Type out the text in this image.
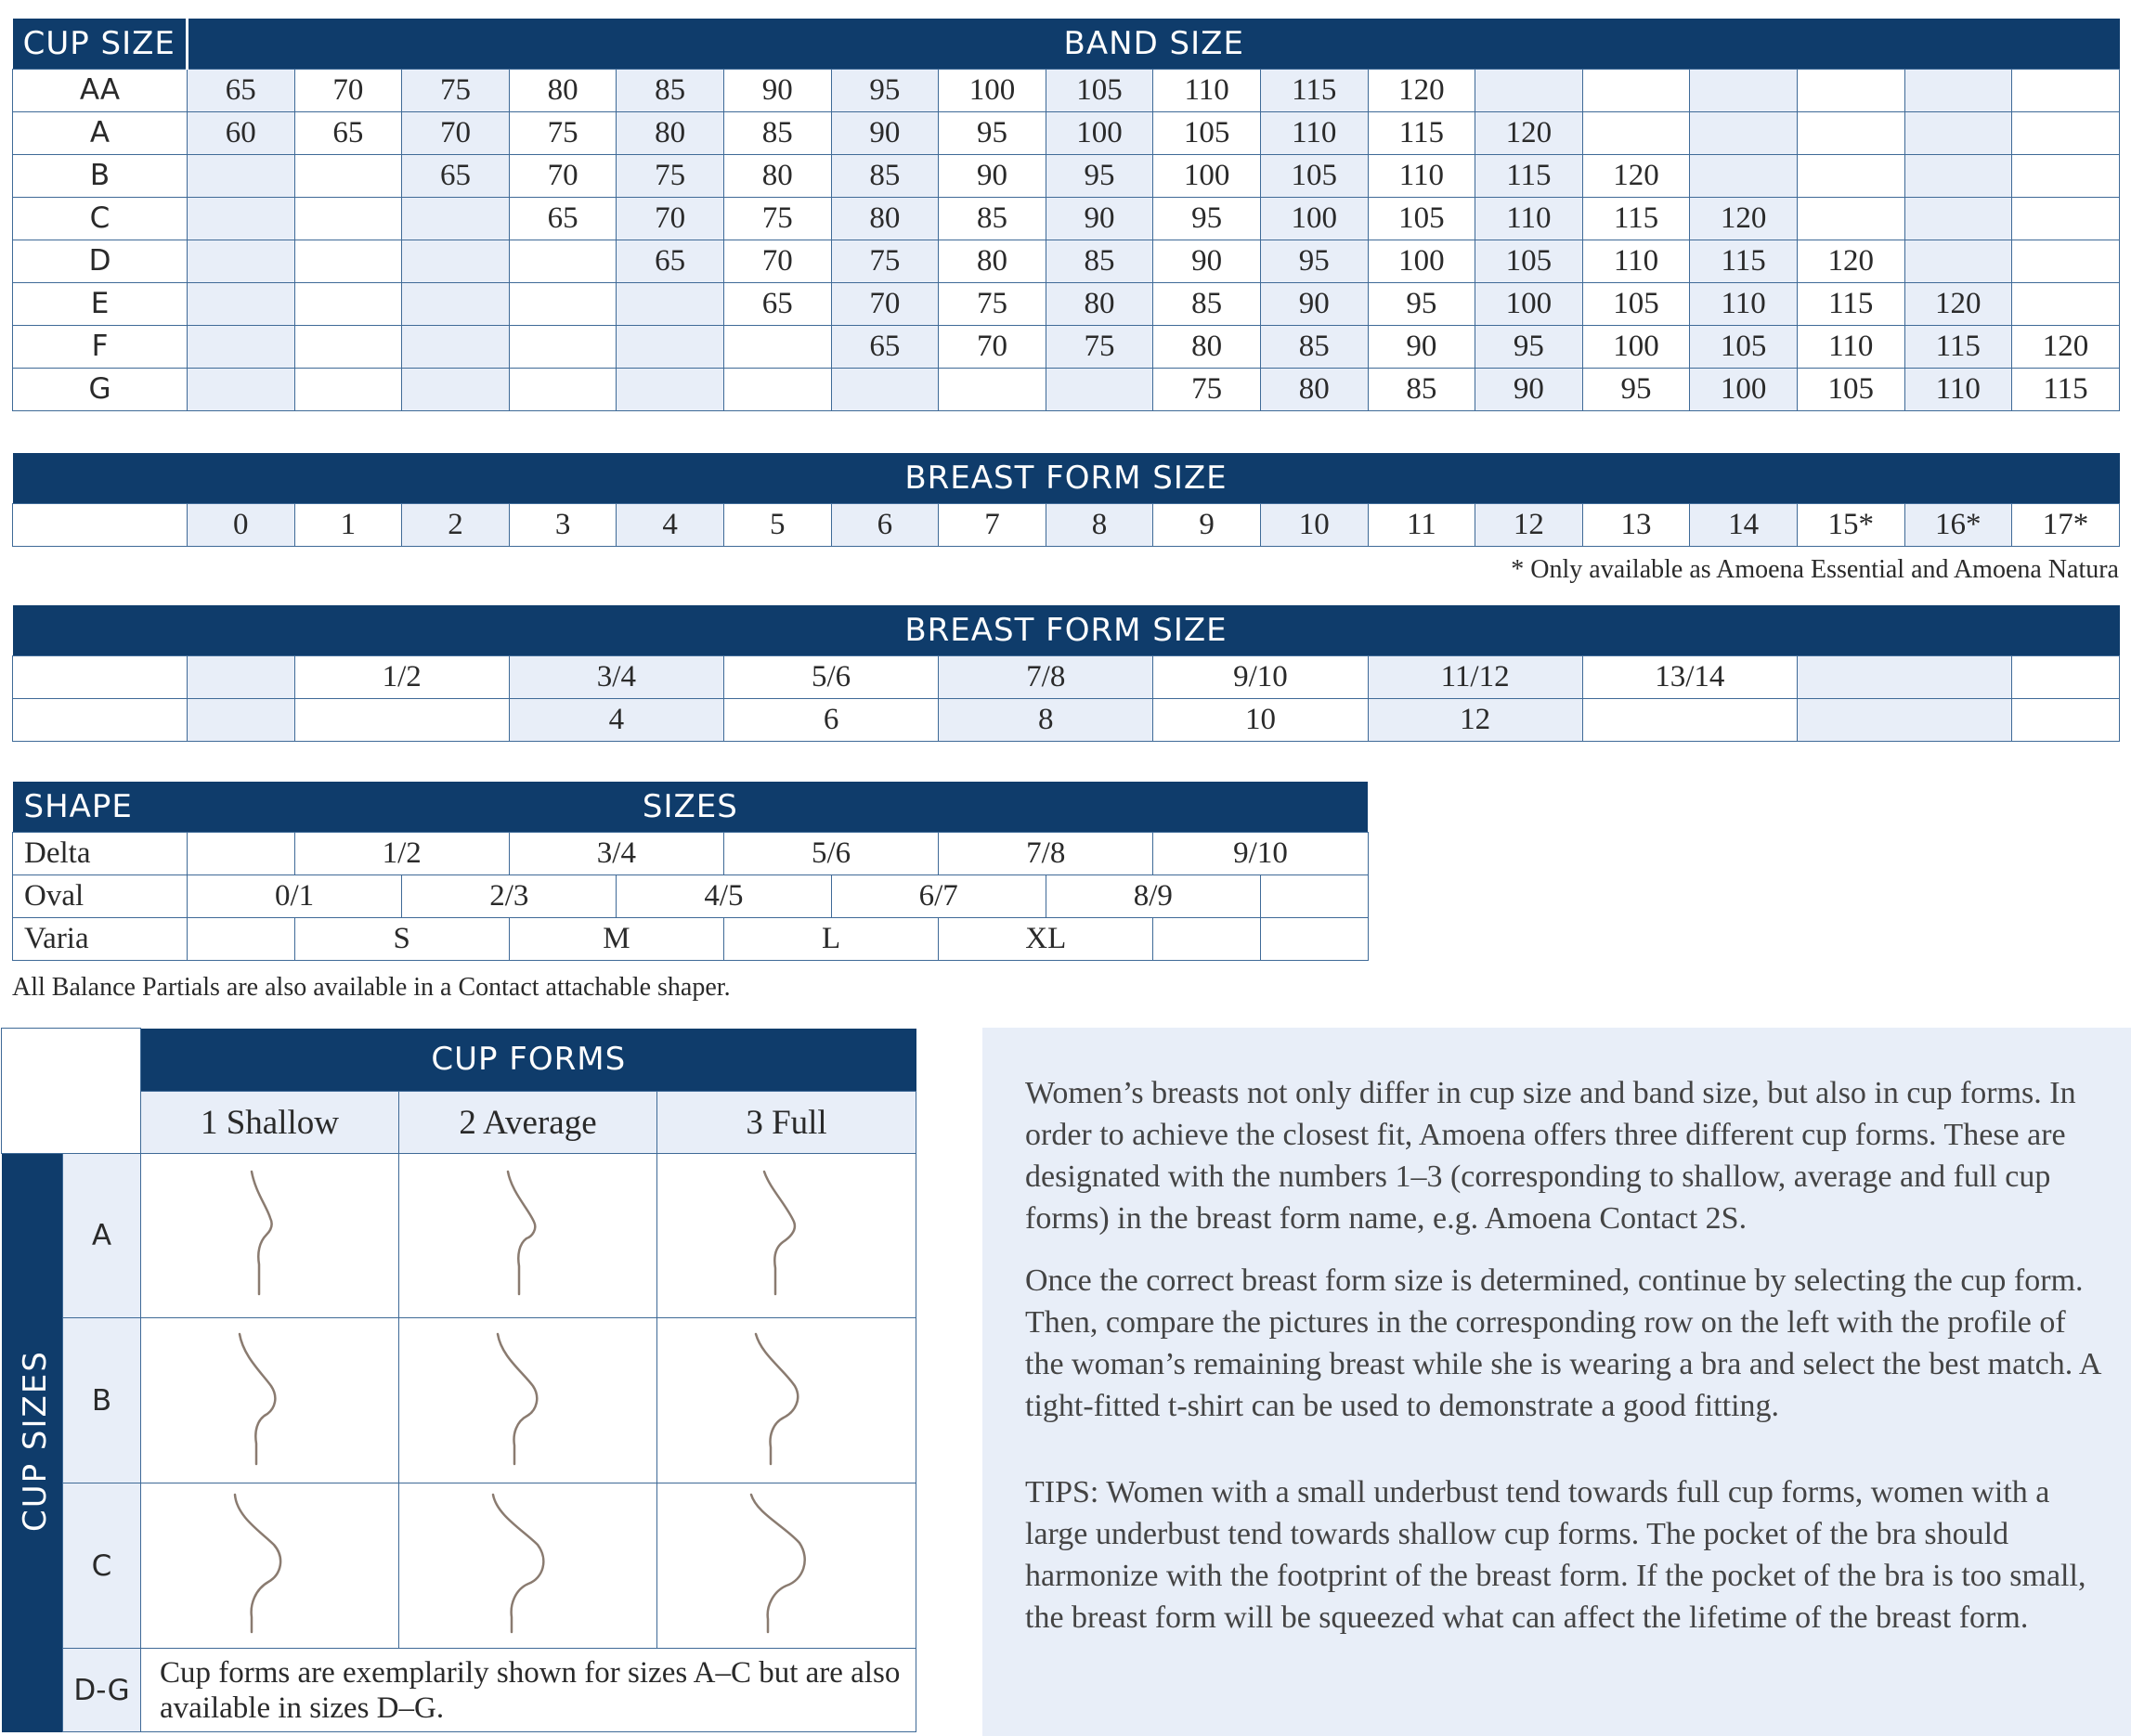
CUP SIZE	BAND SIZE																	
AA	65	70	75	80	85	90	95	100	105	110	115	120						
A	60	65	70	75	80	85	90	95	100	105	110	115	120					
B			65	70	75	80	85	90	95	100	105	110	115	120				
C				65	70	75	80	85	90	95	100	105	110	115	120			
D					65	70	75	80	85	90	95	100	105	110	115	120		
E						65	70	75	80	85	90	95	100	105	110	115	120	
F							65	70	75	80	85	90	95	100	105	110	115	120
G										75	80	85	90	95	100	105	110	115
BREAST FORM SIZE
	0	1	2	3	4	5	6	7	8	9	10	11	12	13	14	15*	16*	17*
* Only available as Amoena Essential and Amoena Natura
BREAST FORM SIZE										
		1/2	3/4	5/6	7/8	9/10	11/12	13/14		
			4	6	8	10	12			
SHAPE	SIZES										
Delta		1/2		3/4		5/6		7/8		9/10	
Oval	0/1		2/3		4/5		6/7		8/9		
Varia		S		M		L		XL			
All Balance Partials are also available in a Contact attachable shaper.
		CUP FORMS		
		1 Shallow	2 Average	3 Full
	A			
	B			
	C			
	D-G	Cup forms are exemplarily shown for sizes A–C but are also available in sizes D–G.		
CUP SIZES

Women’s breasts not only differ in cup size and band size, but also in cup forms. In order to achieve the closest fit, Amoena offers three different cup forms. These are designated with the numbers 1–3 (corresponding to shallow, average and full cup forms) in the breast form name, e.g. Amoena Contact 2S.

Once the correct breast form size is determined, continue by selecting the cup form. Then, compare the pictures in the corresponding row on the left with the profile of the woman’s remaining breast while she is wearing a bra and select the best match. A tight-fitted t-shirt can be used to demonstrate a good fitting.

TIPS: Women with a small underbust tend towards full cup forms, women with a large underbust tend towards shallow cup forms. The pocket of the bra should harmonize with the footprint of the breast form. If the pocket of the bra is too small, the breast form will be squeezed what can affect the lifetime of the breast form.
